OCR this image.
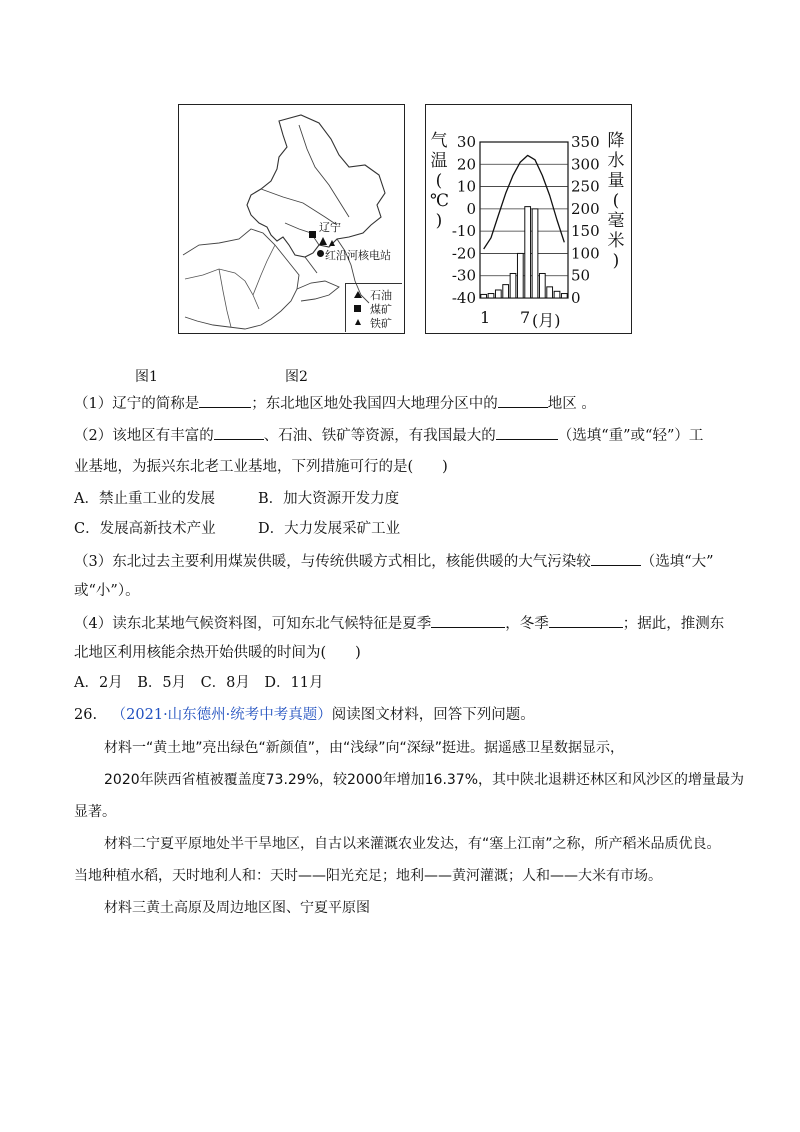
辽宁
红沿河核电站
石油
煤矿
铁矿
气
温
(
℃
)
降
水
量
(
毫
米
)
30	350
20	300
10	250
0	200
-10	150
-20	100
-30	50
-40	0
1 7 (月)
图1	图2
（1）辽宁的简称是	；东北地区地处我国四大地理分区中的	地区 。
（2）该地区有丰富的	、石油、铁矿等资源，有我国最大的	（选填“重”或“轻”）工
业基地，为振兴东北老工业基地，下列措施可行的是(　　)
A．禁止重工业的发展	B．加大资源开发力度
C．发展高新技术产业	D．大力发展采矿工业
（3）东北过去主要利用煤炭供暖，与传统供暖方式相比，核能供暖的大气污染较	（选填“大”
或“小”）。
（4）读东北某地气候资料图，可知东北气候特征是夏季	，冬季	；据此，推测东
北地区利用核能余热开始供暖的时间为(　　)
A．2月　B．5月　C．8月　D．11月
26. （2021·山东德州·统考中考真题）阅读图文材料，回答下列问题。
材料一“黄土地”亮出绿色“新颜值”，由“浅绿”向“深绿”挺进。据遥感卫星数据显示，
2020年陕西省植被覆盖度73.29%，较2000年增加16.37%，其中陕北退耕还林区和风沙区的增量最为
显著。
材料二宁夏平原地处半干旱地区，自古以来灌溉农业发达，有“塞上江南”之称，所产稻米品质优良。
当地种植水稻，天时地利人和：天时——阳光充足；地利——黄河灌溉；人和——大米有市场。
材料三黄土高原及周边地区图、宁夏平原图
